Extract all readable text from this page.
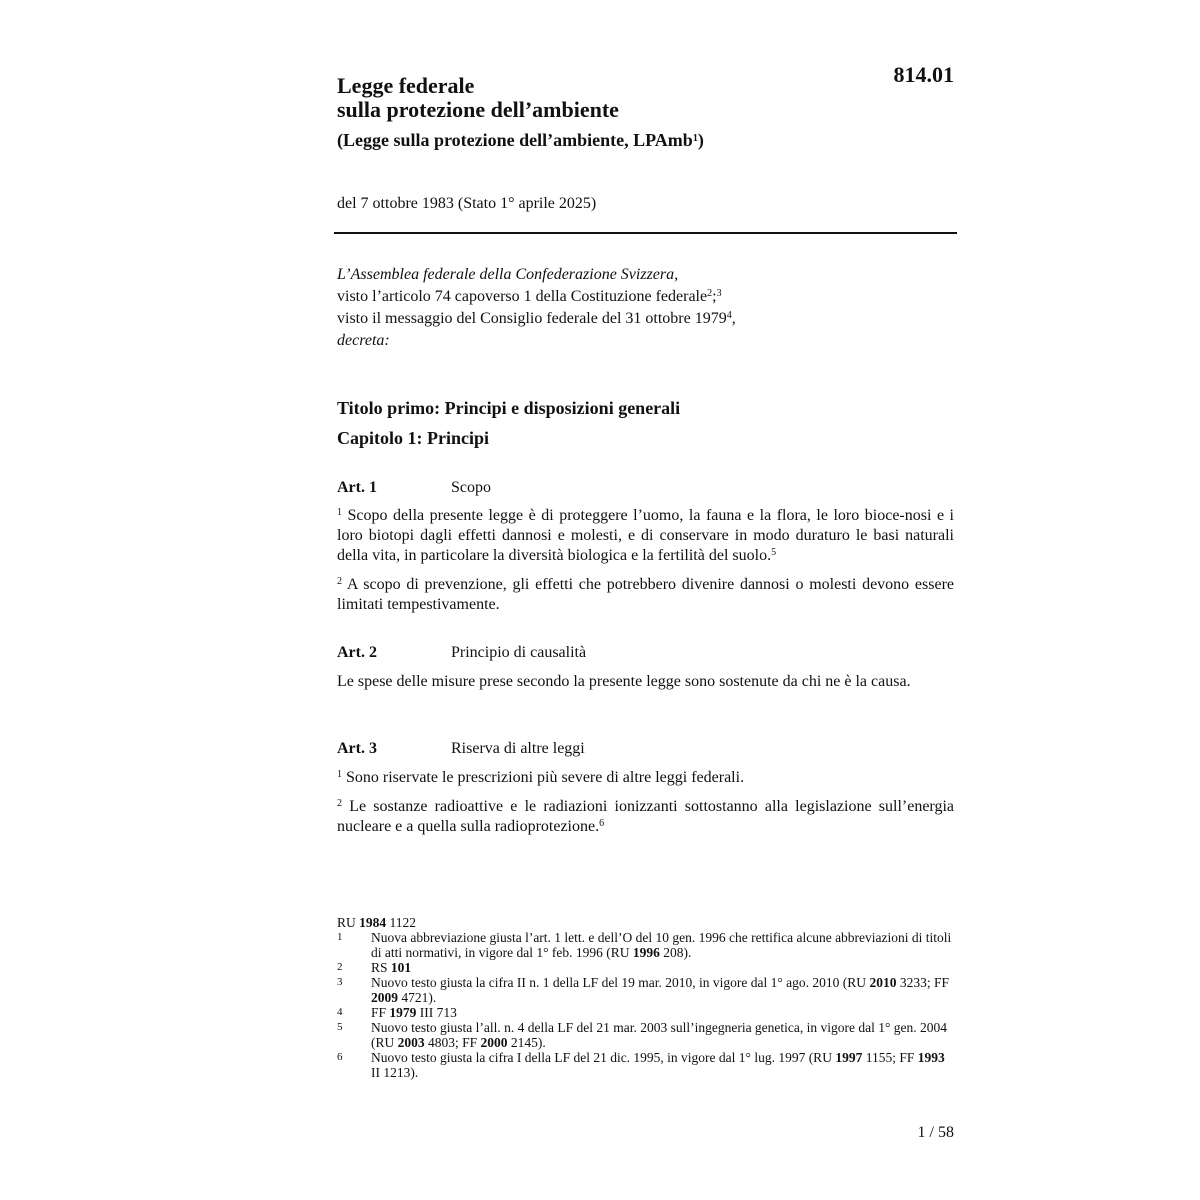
Legge federale
sulla protezione dell’ambiente
(Legge sulla protezione dell’ambiente, LPAmb$^1$)
814.01
del 7 ottobre 1983 (Stato 1° aprile 2025)
L’Assemblea federale della Confederazione Svizzera,
visto l’articolo 74 capoverso 1 della Costituzione federale$^2$;$^3$
visto il messaggio del Consiglio federale del 31 ottobre 1979$^4$,
decreta:
Titolo primo: Principi e disposizioni generali
Capitolo 1: Principi
Art. 1	Scopo
$^1$ Scopo della presente legge è di proteggere l’uomo, la fauna e la flora, le loro bioce-nosi e i loro biotopi dagli effetti dannosi e molesti, e di conservare in modo duraturo le basi naturali della vita, in particolare la diversità biologica e la fertilità del suolo.$^5$
$^2$ A scopo di prevenzione, gli effetti che potrebbero divenire dannosi o molesti devono essere limitati tempestivamente.
Art. 2	Principio di causalità
Le spese delle misure prese secondo la presente legge sono sostenute da chi ne è la causa.
Art. 3	Riserva di altre leggi
$^1$ Sono riservate le prescrizioni più severe di altre leggi federali.
$^2$ Le sostanze radioattive e le radiazioni ionizzanti sottostanno alla legislazione sull’energia nucleare e a quella sulla radioprotezione.$^6$
RU 1984 1122
1	Nuova abbreviazione giusta l’art. 1 lett. e dell’O del 10 gen. 1996 che rettifica alcune abbreviazioni di titoli di atti normativi, in vigore dal 1° feb. 1996 (RU 1996 208).
2	RS 101
3	Nuovo testo giusta la cifra II n. 1 della LF del 19 mar. 2010, in vigore dal 1° ago. 2010 (RU 2010 3233; FF 2009 4721).
4	FF 1979 III 713
5	Nuovo testo giusta l’all. n. 4 della LF del 21 mar. 2003 sull’ingegneria genetica, in vigore dal 1° gen. 2004 (RU 2003 4803; FF 2000 2145).
6	Nuovo testo giusta la cifra I della LF del 21 dic. 1995, in vigore dal 1° lug. 1997 (RU 1997 1155; FF 1993 II 1213).
1 / 58
